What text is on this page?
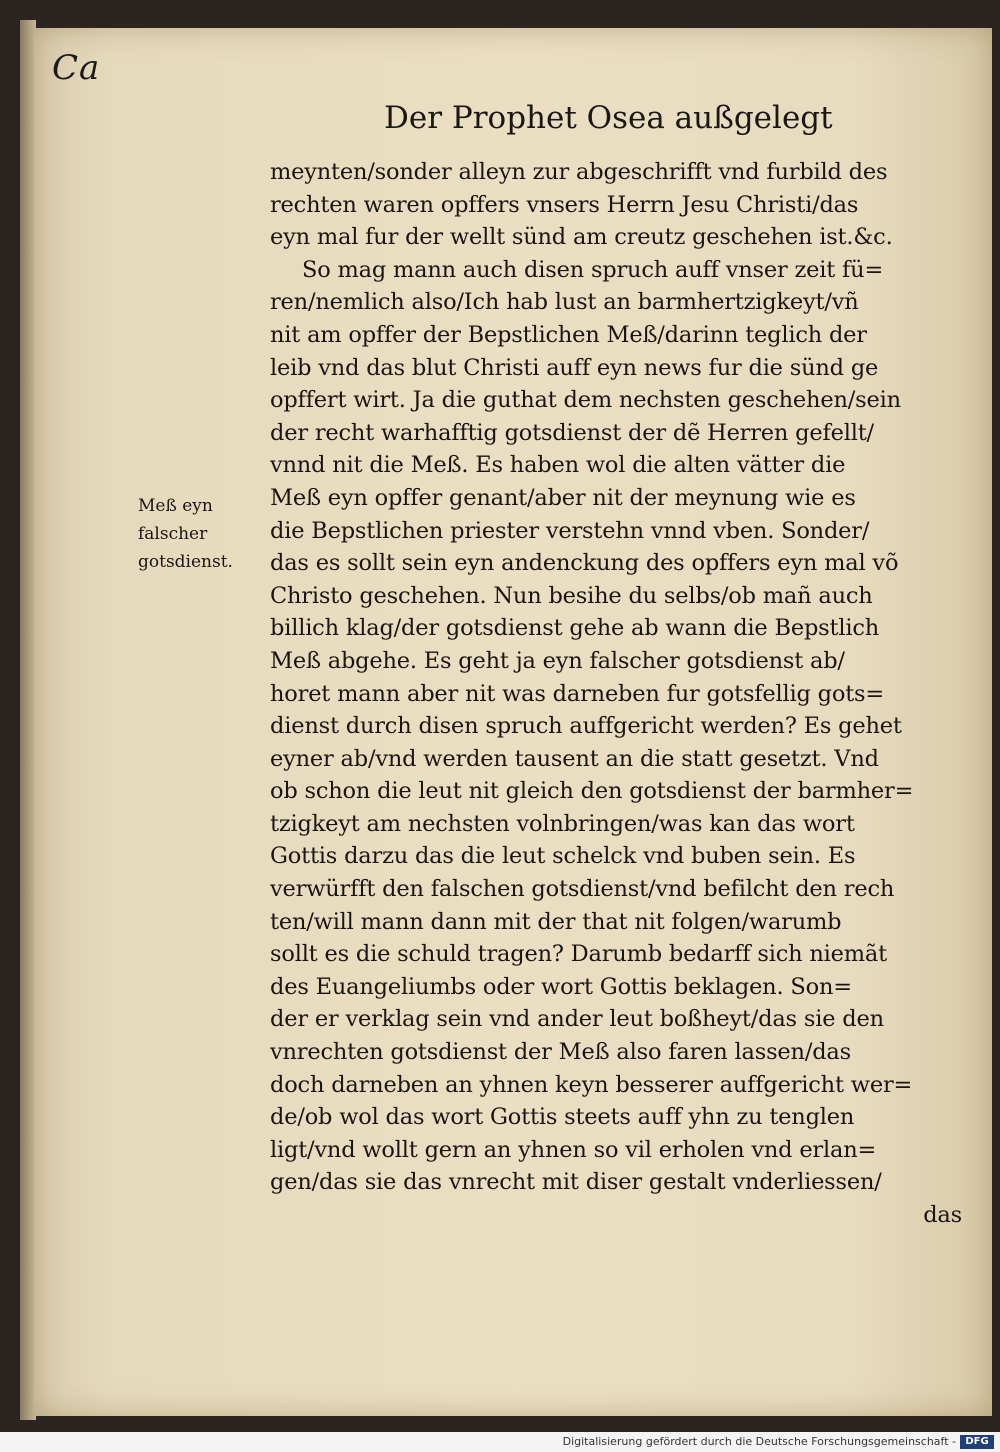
Ca
Der Prophet Osea außgelegt
Meß eyn
falscher
gotsdienst.
meynten/sonder alleyn zur abgeschrifft vnd furbild des
rechten waren opffers vnsers Herrn Jesu Christi/das
eyn mal fur der wellt sünd am creutz geschehen ist.&c.
So mag mann auch disen spruch auff vnser zeit fü=
ren/nemlich also/Ich hab lust an barmhertzigkeyt/vñ
nit am opffer der Bepstlichen Meß/darinn teglich der
leib vnd das blut Christi auff eyn news fur die sünd ge
opffert wirt. Ja die guthat dem nechsten geschehen/sein
der recht warhafftig gotsdienst der dẽ Herren gefellt/
vnnd nit die Meß. Es haben wol die alten vätter die
Meß eyn opffer genant/aber nit der meynung wie es
die Bepstlichen priester verstehn vnnd vben. Sonder/
das es sollt sein eyn andenckung des opffers eyn mal võ
Christo geschehen. Nun besihe du selbs/ob mañ auch
billich klag/der gotsdienst gehe ab wann die Bepstlich
Meß abgehe. Es geht ja eyn falscher gotsdienst ab/
horet mann aber nit was darneben fur gotsfellig gots=
dienst durch disen spruch auffgericht werden? Es gehet
eyner ab/vnd werden tausent an die statt gesetzt. Vnd
ob schon die leut nit gleich den gotsdienst der barmher=
tzigkeyt am nechsten volnbringen/was kan das wort
Gottis darzu das die leut schelck vnd buben sein. Es
verwürfft den falschen gotsdienst/vnd befilcht den rech
ten/will mann dann mit der that nit folgen/warumb
sollt es die schuld tragen? Darumb bedarff sich niemãt
des Euangeliumbs oder wort Gottis beklagen. Son=
der er verklag sein vnd ander leut boßheyt/das sie den
vnrechten gotsdienst der Meß also faren lassen/das
doch darneben an yhnen keyn besserer auffgericht wer=
de/ob wol das wort Gottis steets auff yhn zu tenglen
ligt/vnd wollt gern an yhnen so vil erholen vnd erlan=
gen/das sie das vnrecht mit diser gestalt vnderliessen/
das
Digitalisierung gefördert durch die Deutsche Forschungsgemeinschaft - DFG
